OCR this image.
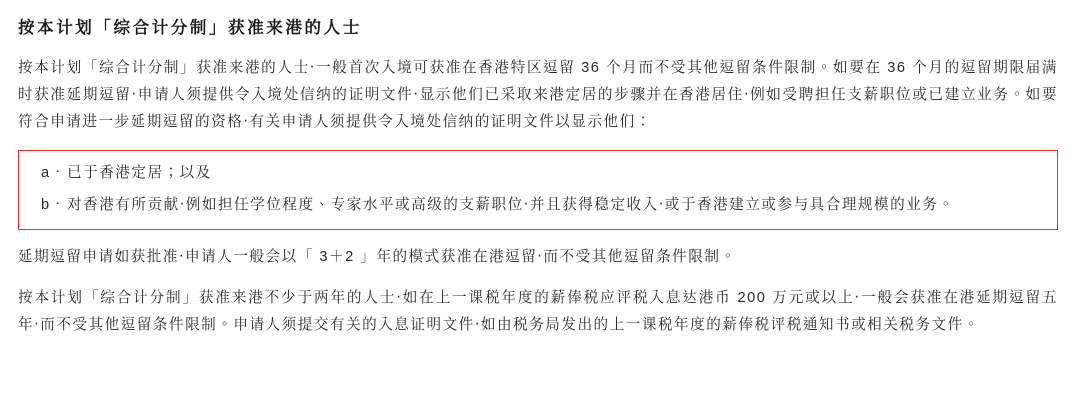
按本计划「综合计分制」获准来港的人士

按本计划「综合计分制」获准来港的人士‧一般首次入境可获准在香港特区逗留 36 个月而不受其他逗留条件限制。如要在 36 个月的逗留期限届满时获准延期逗留‧申请人须提供令入境处信纳的证明文件‧显示他们已采取来港定居的步骤并在香港居住‧例如受聘担任支薪职位或已建立业务。如要符合申请进一步延期逗留的资格‧有关申请人须提供令入境处信纳的证明文件以显示他们：

a． 已于香港定居；以及
b． 对香港有所贡献‧例如担任学位程度、专家水平或高级的支薪职位‧并且获得稳定收入‧或于香港建立或参与具合理规模的业务。

延期逗留申请如获批准‧申请人一般会以「 3＋2 」年的模式获准在港逗留‧而不受其他逗留条件限制。

按本计划「综合计分制」获准来港不少于两年的人士‧如在上一课税年度的薪俸税应评税入息达港币 200 万元或以上‧一般会获准在港延期逗留五年‧而不受其他逗留条件限制。申请人须提交有关的入息证明文件‧如由税务局发出的上一课税年度的薪俸税评税通知书或相关税务文件。
